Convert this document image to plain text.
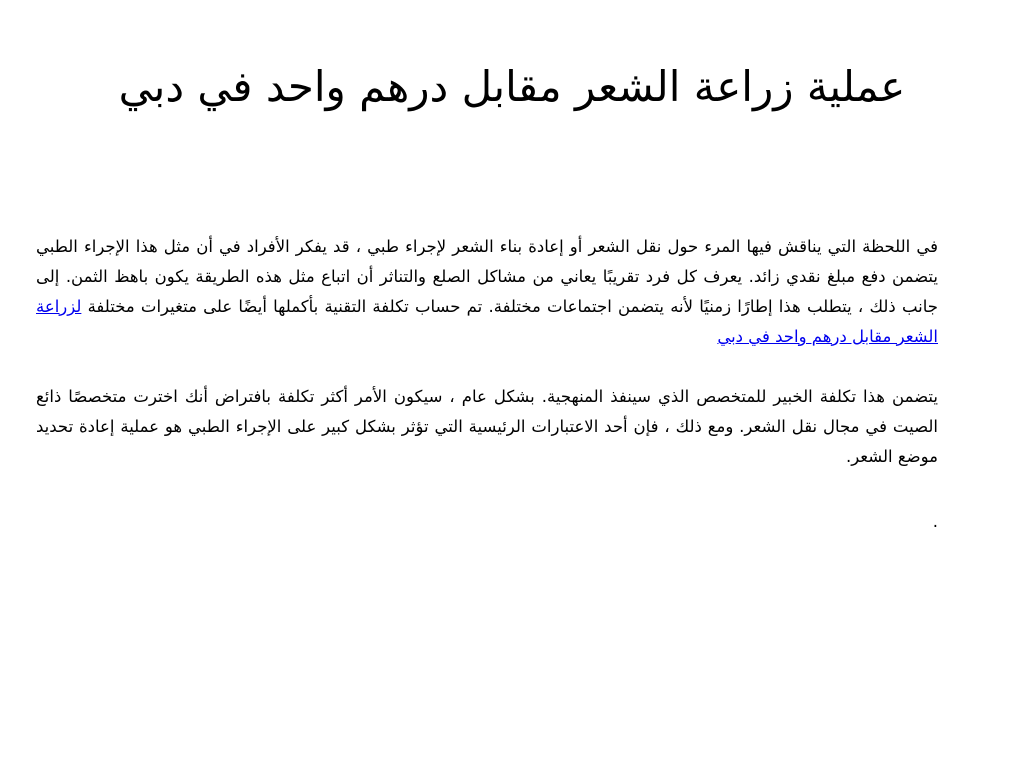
عملية زراعة الشعر مقابل درهم واحد في دبي

في اللحظة التي يناقش فيها المرء حول نقل الشعر أو إعادة بناء الشعر لإجراء طبي ، قد يفكر الأفراد في أن مثل هذا الإجراء الطبي يتضمن دفع مبلغ نقدي زائد. يعرف كل فرد تقريبًا يعاني من مشاكل الصلع والتناثر أن اتباع مثل هذه الطريقة يكون باهظ الثمن. إلى جانب ذلك ، يتطلب هذا إطارًا زمنيًا لأنه يتضمن اجتماعات مختلفة. تم حساب تكلفة التقنية بأكملها أيضًا على متغيرات مختلفة لزراعة الشعر مقابل درهم واحد في دبي

يتضمن هذا تكلفة الخبير للمتخصص الذي سينفذ المنهجية. بشكل عام ، سيكون الأمر أكثر تكلفة بافتراض أنك اخترت متخصصًا ذائع الصيت في مجال نقل الشعر. ومع ذلك ، فإن أحد الاعتبارات الرئيسية التي تؤثر بشكل كبير على الإجراء الطبي هو عملية إعادة تحديد موضع الشعر.

.
